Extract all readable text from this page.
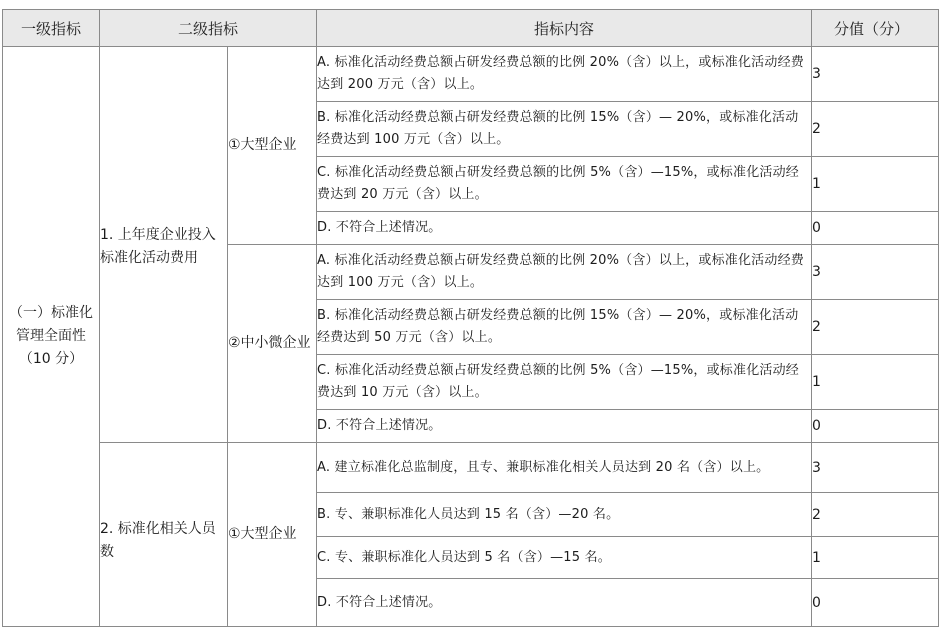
一级指标	二级指标		指标内容	分值（分）
（一）标准化管理全面性（10 分）	1. 上年度企业投入标准化活动费用	①大型企业	A. 标准化活动经费总额占研发经费总额的比例 20%（含）以上，或标准化活动经费达到 200 万元（含）以上。	3
			B. 标准化活动经费总额占研发经费总额的比例 15%（含）— 20%，或标准化活动经费达到 100 万元（含）以上。	2
			C. 标准化活动经费总额占研发经费总额的比例 5%（含）—15%，或标准化活动经费达到 20 万元（含）以上。	1
			D. 不符合上述情况。	0
		②中小微企业	A. 标准化活动经费总额占研发经费总额的比例 20%（含）以上，或标准化活动经费达到 100 万元（含）以上。	3
			B. 标准化活动经费总额占研发经费总额的比例 15%（含）— 20%，或标准化活动经费达到 50 万元（含）以上。	2
			C. 标准化活动经费总额占研发经费总额的比例 5%（含）—15%，或标准化活动经费达到 10 万元（含）以上。	1
			D. 不符合上述情况。	0
	2. 标准化相关人员数	①大型企业	A. 建立标准化总监制度，且专、兼职标准化相关人员达到 20 名（含）以上。	3
			B. 专、兼职标准化人员达到 15 名（含）—20 名。	2
			C. 专、兼职标准化人员达到 5 名（含）—15 名。	1
			D. 不符合上述情况。	0
